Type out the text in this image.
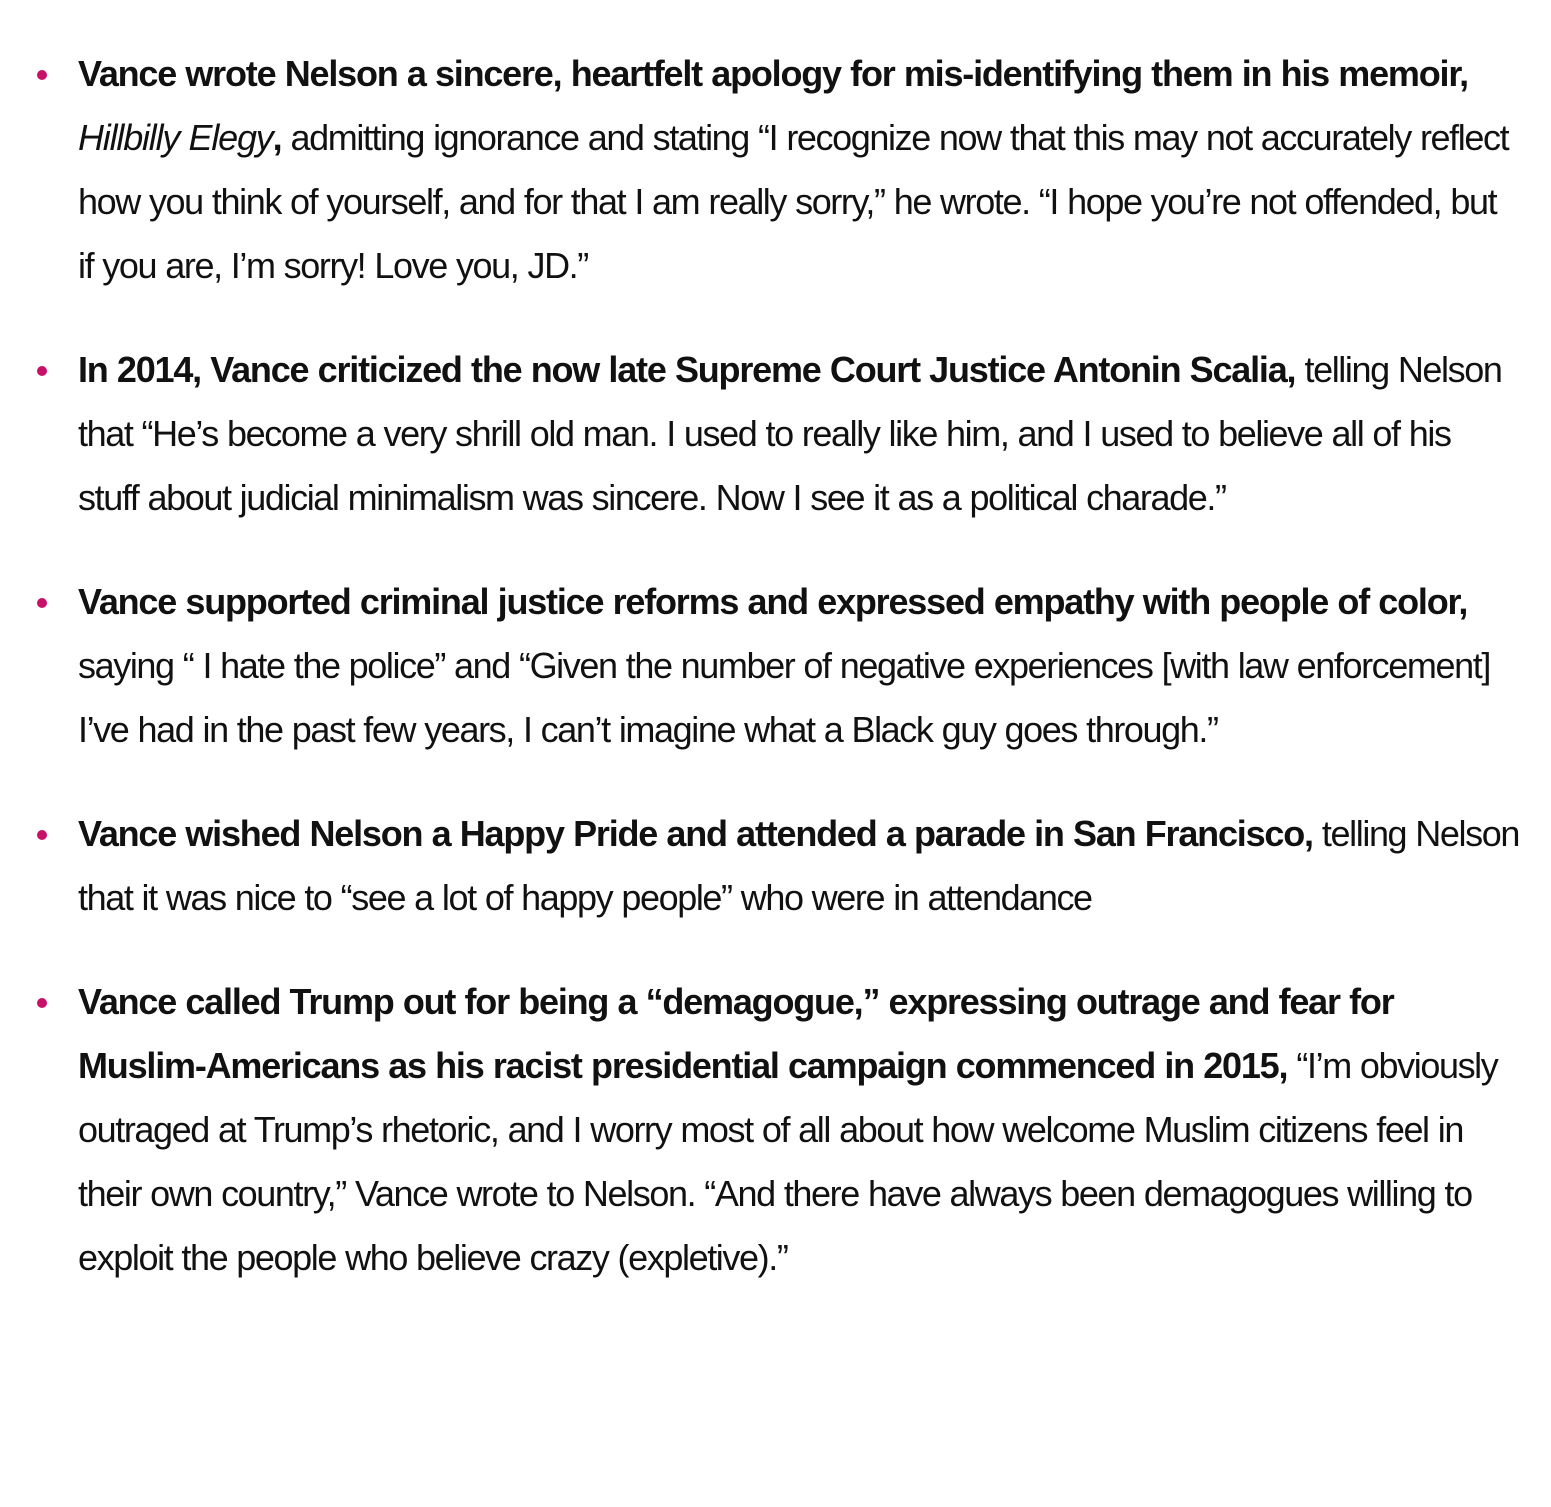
Vance wrote Nelson a sincere, heartfelt apology for mis-identifying them in his memoir, Hillbilly Elegy, admitting ignorance and stating “I recognize now that this may not accurately reflect how you think of yourself, and for that I am really sorry,” he wrote. “I hope you’re not offended, but if you are, I’m sorry! Love you, JD.”
In 2014, Vance criticized the now late Supreme Court Justice Antonin Scalia, telling Nelson that “He’s become a very shrill old man. I used to really like him, and I used to believe all of his stuff about judicial minimalism was sincere. Now I see it as a political charade.”
Vance supported criminal justice reforms and expressed empathy with people of color, saying “ I hate the police” and “Given the number of negative experiences [with law enforcement] I’ve had in the past few years, I can’t imagine what a Black guy goes through.”
Vance wished Nelson a Happy Pride and attended a parade in San Francisco, telling Nelson that it was nice to “see a lot of happy people” who were in attendance
Vance called Trump out for being a “demagogue,” expressing outrage and fear for Muslim-Americans as his racist presidential campaign commenced in 2015, “I’m obviously outraged at Trump’s rhetoric, and I worry most of all about how welcome Muslim citizens feel in their own country,” Vance wrote to Nelson. “And there have always been demagogues willing to exploit the people who believe crazy (expletive).”
